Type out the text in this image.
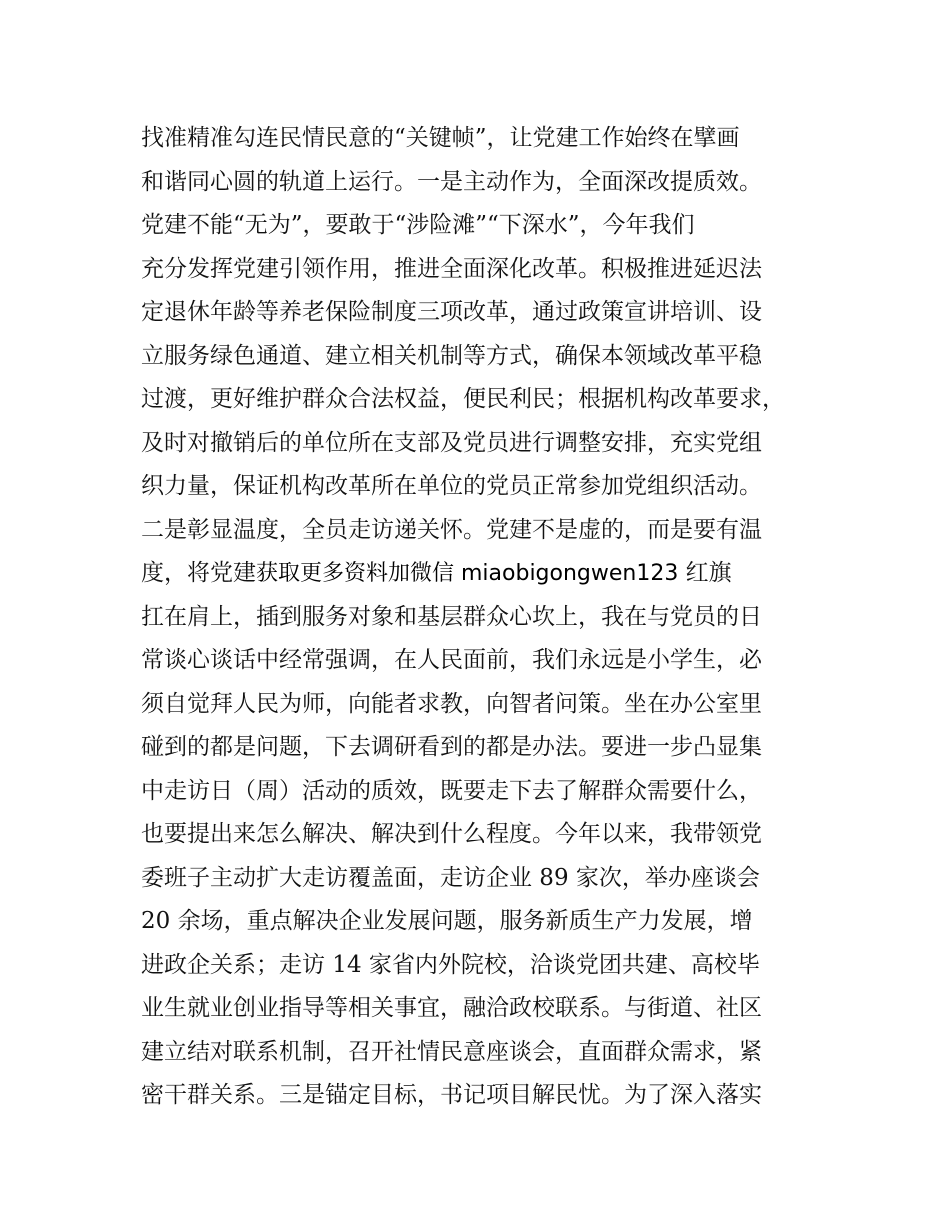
找准精准勾连民情民意的“关键帧”，让党建工作始终在擘画
和谐同心圆的轨道上运行。一是主动作为，全面深改提质效。
党建不能“无为”，要敢于“涉险滩”“下深水”，今年我们
充分发挥党建引领作用，推进全面深化改革。积极推进延迟法
定退休年龄等养老保险制度三项改革，通过政策宣讲培训、设
立服务绿色通道、建立相关机制等方式，确保本领域改革平稳
过渡，更好维护群众合法权益，便民利民；根据机构改革要求，
及时对撤销后的单位所在支部及党员进行调整安排，充实党组
织力量，保证机构改革所在单位的党员正常参加党组织活动。
二是彰显温度，全员走访递关怀。党建不是虚的，而是要有温
度，将党建获取更多资料加微信 miaobigongwen123 红旗
扛在肩上，插到服务对象和基层群众心坎上，我在与党员的日
常谈心谈话中经常强调，在人民面前，我们永远是小学生，必
须自觉拜人民为师，向能者求教，向智者问策。坐在办公室里
碰到的都是问题，下去调研看到的都是办法。要进一步凸显集
中走访日（周）活动的质效，既要走下去了解群众需要什么，
也要提出来怎么解决、解决到什么程度。今年以来，我带领党
委班子主动扩大走访覆盖面，走访企业 89 家次，举办座谈会
20 余场，重点解决企业发展问题，服务新质生产力发展，增
进政企关系；走访 14 家省内外院校，洽谈党团共建、高校毕
业生就业创业指导等相关事宜，融洽政校联系。与街道、社区
建立结对联系机制，召开社情民意座谈会，直面群众需求，紧
密干群关系。三是锚定目标，书记项目解民忧。为了深入落实
